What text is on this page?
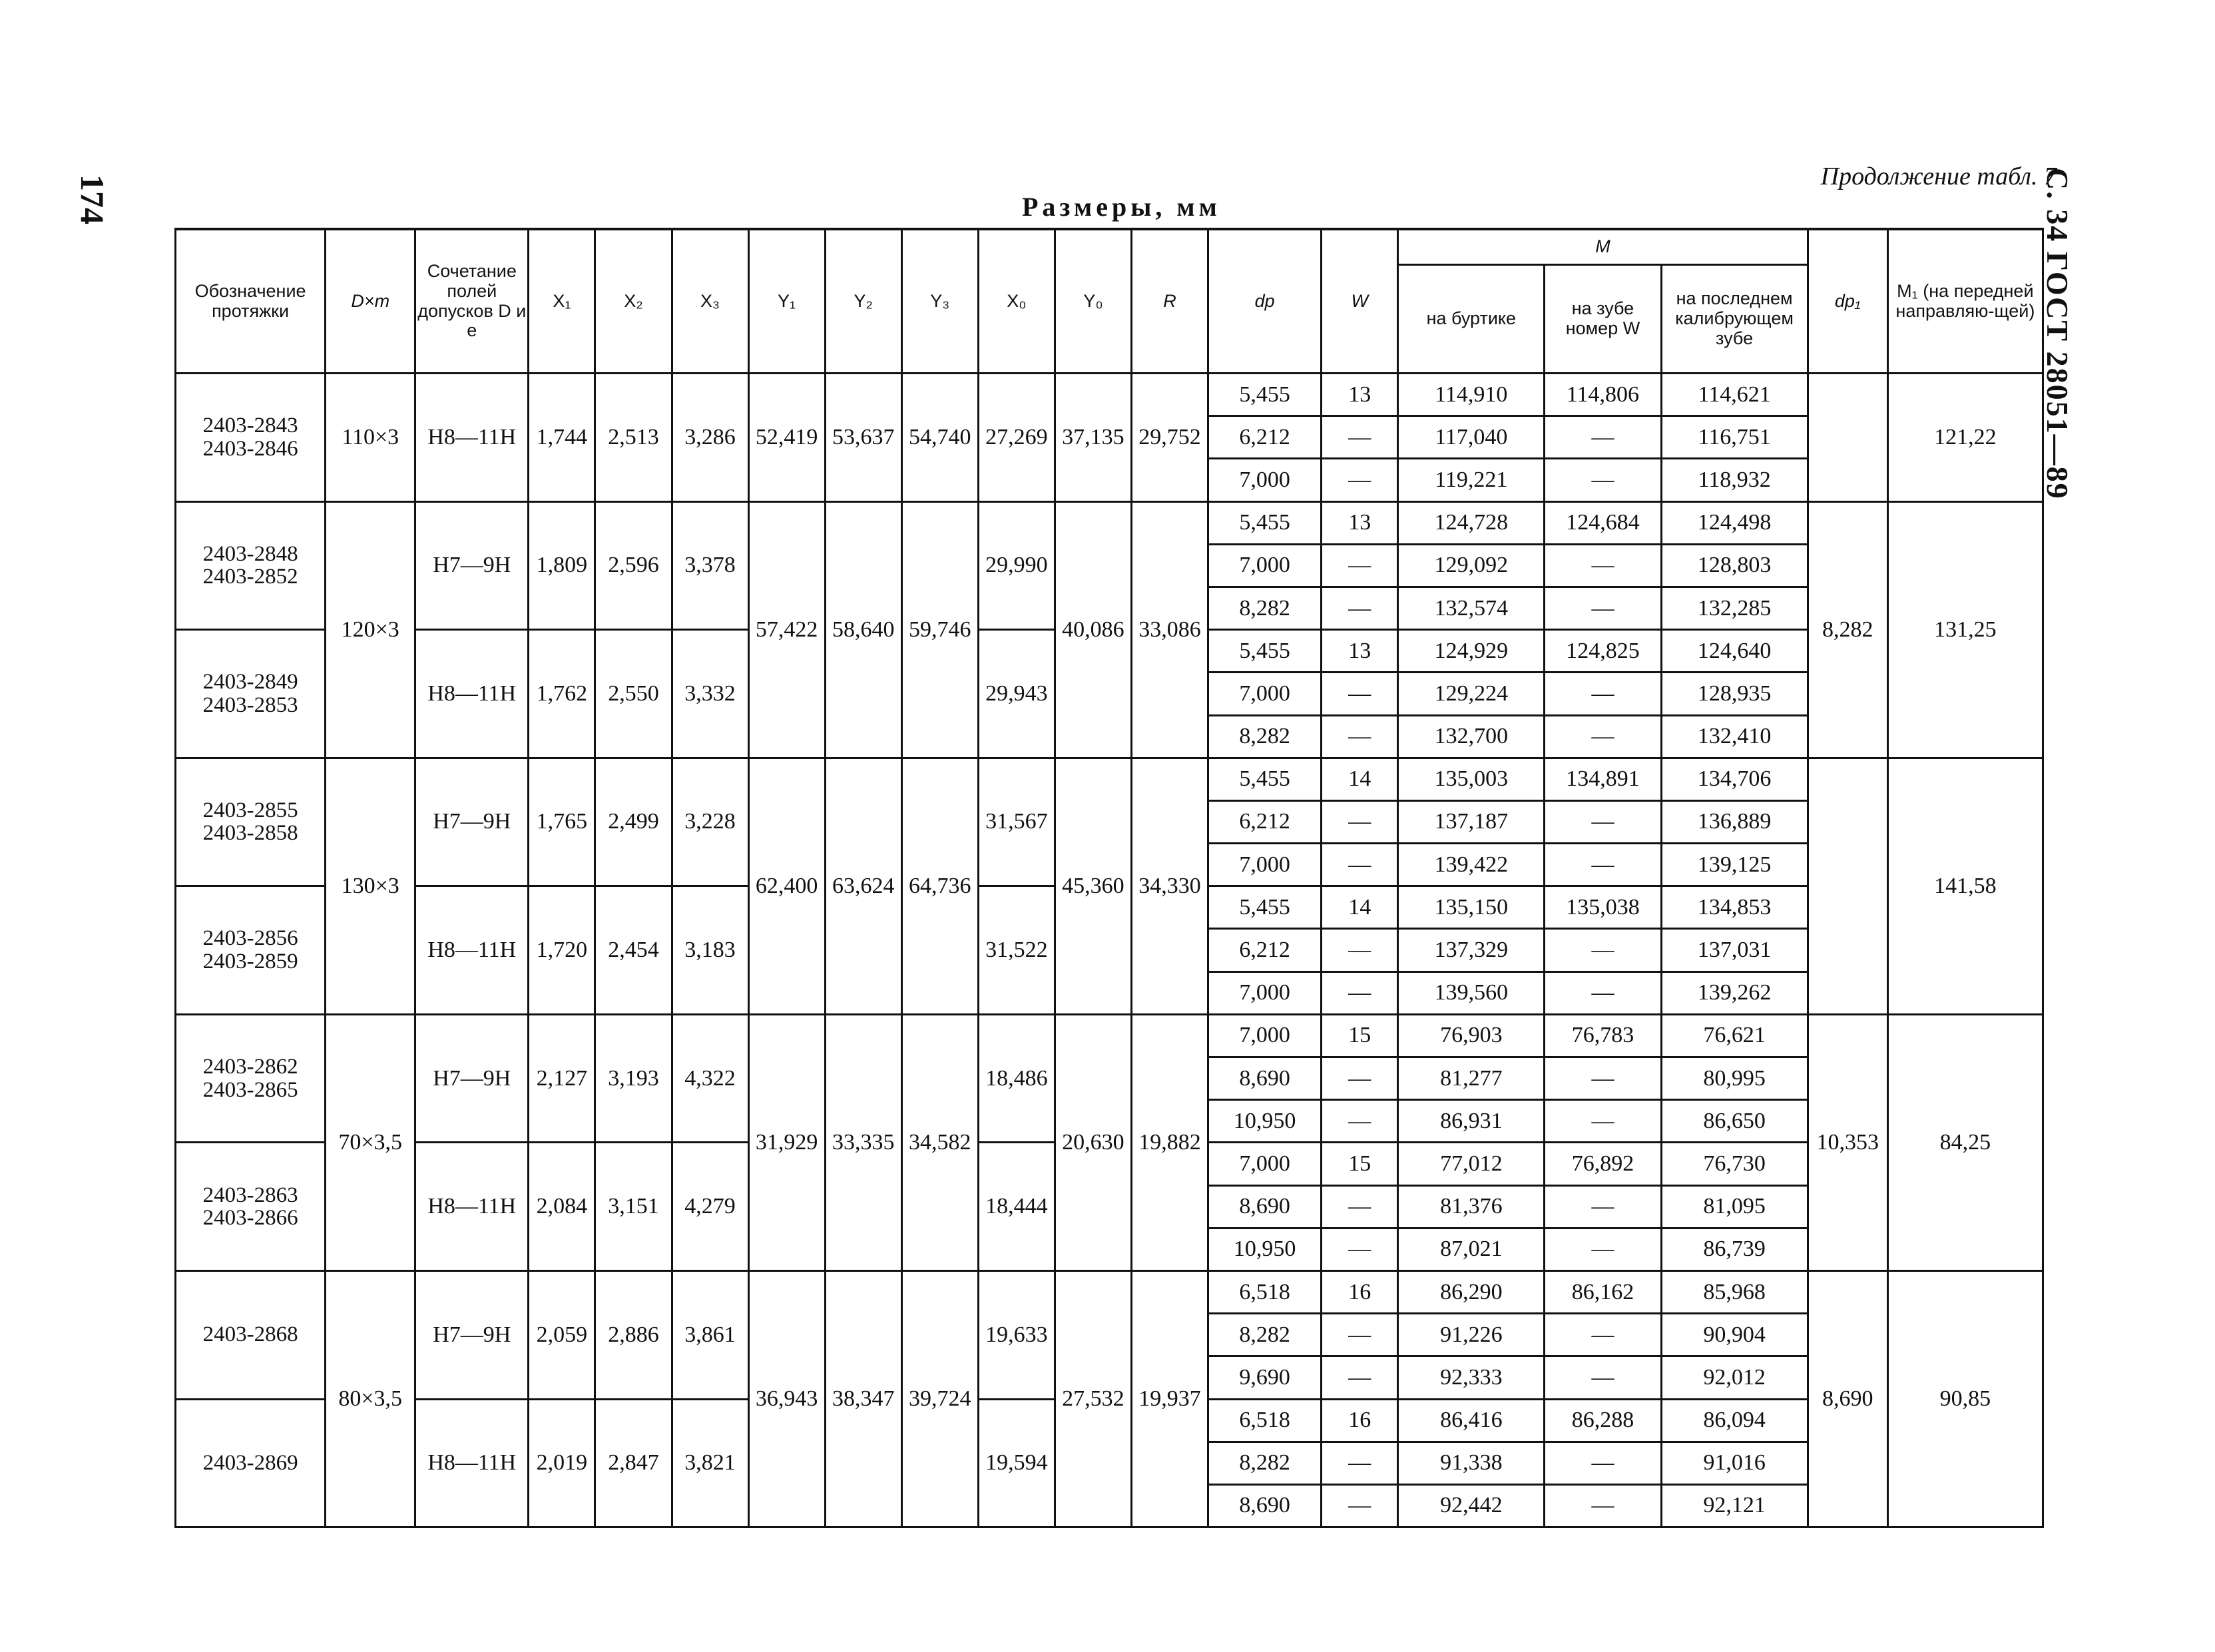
174	С. 34 ГОСТ 28051—89
Продолжение табл. 7
Размеры, мм
Обозначение протяжки	D×m	Сочетание полей допусков D и e	X₁	X₂	X₃	Y₁	Y₂	Y₃	X₀	Y₀	R	dp	W	M			dp₁	M₁ (на передней направляю-щей)
														на буртике	на зубе номер W	на последнем калибрующем зубе		
2403-2843
2403-2846	110×3	H8—11H	1,744	2,513	3,286	52,419	53,637	54,740	27,269	37,135	29,752	5,455	13	114,910	114,806	114,621		121,22
												6,212	—	117,040	—	116,751		
												7,000	—	119,221	—	118,932		
2403-2848
2403-2852	120×3	H7—9H	1,809	2,596	3,378	57,422	58,640	59,746	29,990	40,086	33,086	5,455	13	124,728	124,684	124,498	8,282	131,25
												7,000	—	129,092	—	128,803		
												8,282	—	132,574	—	132,285		
2403-2849
2403-2853		H8—11H	1,762	2,550	3,332				29,943			5,455	13	124,929	124,825	124,640		
												7,000	—	129,224	—	128,935		
												8,282	—	132,700	—	132,410		
2403-2855
2403-2858	130×3	H7—9H	1,765	2,499	3,228	62,400	63,624	64,736	31,567	45,360	34,330	5,455	14	135,003	134,891	134,706		141,58
												6,212	—	137,187	—	136,889		
												7,000	—	139,422	—	139,125		
2403-2856
2403-2859		H8—11H	1,720	2,454	3,183				31,522			5,455	14	135,150	135,038	134,853		
												6,212	—	137,329	—	137,031		
												7,000	—	139,560	—	139,262		
2403-2862
2403-2865	70×3,5	H7—9H	2,127	3,193	4,322	31,929	33,335	34,582	18,486	20,630	19,882	7,000	15	76,903	76,783	76,621	10,353	84,25
												8,690	—	81,277	—	80,995		
												10,950	—	86,931	—	86,650		
2403-2863
2403-2866		H8—11H	2,084	3,151	4,279				18,444			7,000	15	77,012	76,892	76,730		
												8,690	—	81,376	—	81,095		
												10,950	—	87,021	—	86,739		
2403-2868	80×3,5	H7—9H	2,059	2,886	3,861	36,943	38,347	39,724	19,633	27,532	19,937	6,518	16	86,290	86,162	85,968	8,690	90,85
												8,282	—	91,226	—	90,904		
												9,690	—	92,333	—	92,012		
2403-2869		H8—11H	2,019	2,847	3,821				19,594			6,518	16	86,416	86,288	86,094		
												8,282	—	91,338	—	91,016		
												8,690	—	92,442	—	92,121		
